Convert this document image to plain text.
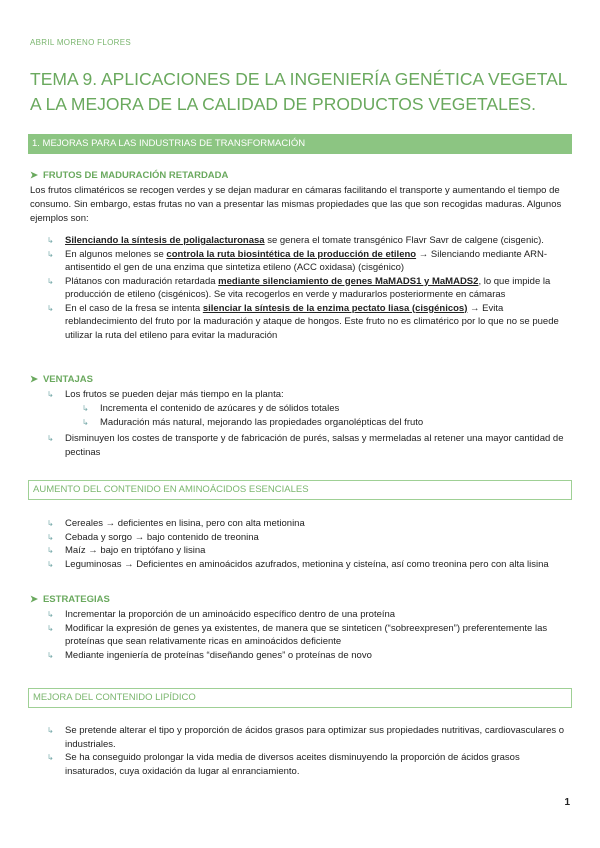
ABRIL MORENO FLORES
TEMA 9. APLICACIONES DE LA INGENIERÍA GENÉTICA VEGETAL A LA MEJORA DE LA CALIDAD DE PRODUCTOS VEGETALES.
1. MEJORAS PARA LAS INDUSTRIAS DE TRANSFORMACIÓN
➤ FRUTOS DE MADURACIÓN RETARDADA
Los frutos climatéricos se recogen verdes y se dejan madurar en cámaras facilitando el transporte y aumentando el tiempo de consumo. Sin embargo, estas frutas no van a presentar las mismas propiedades que las que son recogidas maduras. Algunos ejemplos son:
↳ Silenciando la síntesis de poligalacturonasa se genera el tomate transgénico Flavr Savr de calgene (cisgenic).
↳ En algunos melones se controla la ruta biosintética de la producción de etileno → Silenciando mediante ARN-antisentido el gen de una enzima que sintetiza etileno (ACC oxidasa) (cisgénico)
↳ Plátanos con maduración retardada mediante silenciamiento de genes MaMADS1 y MaMADS2, lo que impide la producción de etileno (cisgénicos). Se vita recogerlos en verde y madurarlos posteriormente en cámaras
↳ En el caso de la fresa se intenta silenciar la síntesis de la enzima pectato liasa (cisgénicos) → Evita reblandecimiento del fruto por la maduración y ataque de hongos. Este fruto no es climatérico por lo que no se puede utilizar la ruta del etileno para evitar la maduración
➤ VENTAJAS
↳ Los frutos se pueden dejar más tiempo en la planta:
↳ Incrementa el contenido de azúcares y de sólidos totales
↳ Maduración más natural, mejorando las propiedades organolépticas del fruto
↳ Disminuyen los costes de transporte y de fabricación de purés, salsas y mermeladas al retener una mayor cantidad de pectinas
AUMENTO DEL CONTENIDO EN AMINOÁCIDOS ESENCIALES
↳ Cereales → deficientes en lisina, pero con alta metionina
↳ Cebada y sorgo → bajo contenido de treonina
↳ Maíz → bajo en triptófano y lisina
↳ Leguminosas → Deficientes en aminoácidos azufrados, metionina y cisteína, así como treonina pero con alta lisina
➤ ESTRATEGIAS
↳ Incrementar la proporción de un aminoácido específico dentro de una proteína
↳ Modificar la expresión de genes ya existentes, de manera que se sinteticen (“sobreexpresen”) preferentemente las proteínas que sean relativamente ricas en aminoácidos deficiente
↳ Mediante ingeniería de proteínas “diseñando genes” o proteínas de novo
MEJORA DEL CONTENIDO LIPÍDICO
↳ Se pretende alterar el tipo y proporción de ácidos grasos para optimizar sus propiedades nutritivas, cardiovasculares o industriales.
↳ Se ha conseguido prolongar la vida media de diversos aceites disminuyendo la proporción de ácidos grasos insaturados, cuya oxidación da lugar al enranciamiento.
1
